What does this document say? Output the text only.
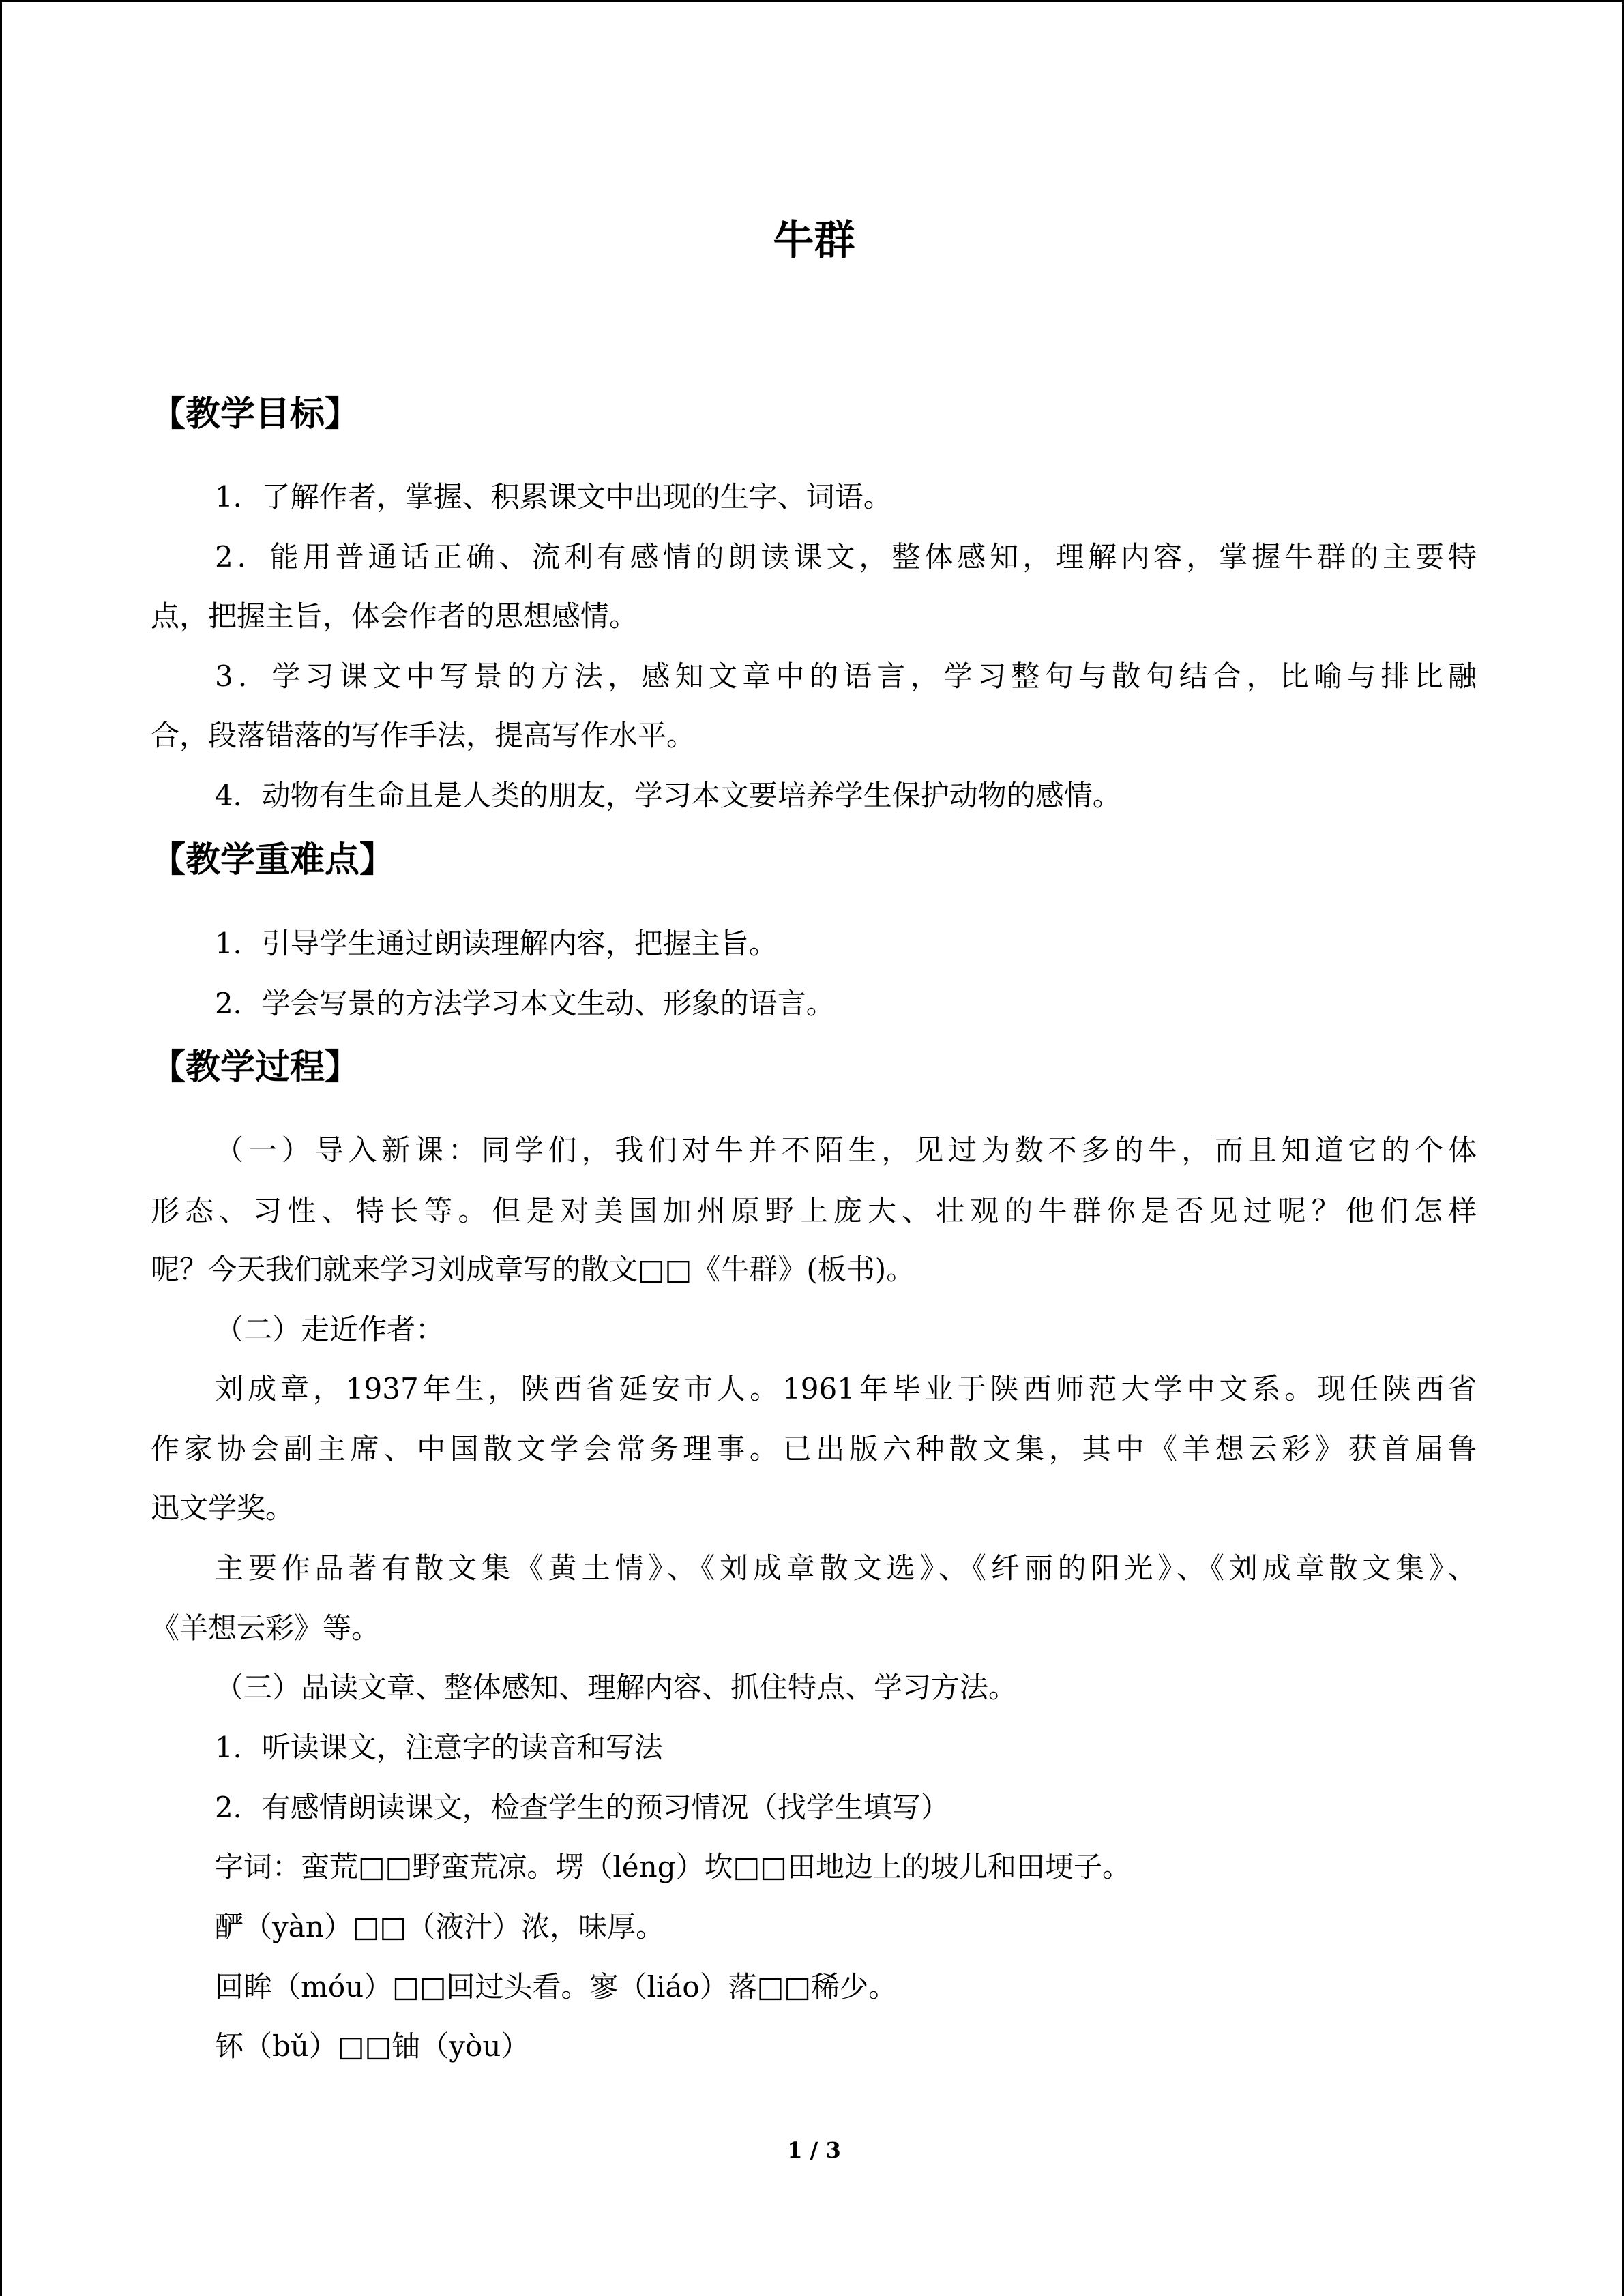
牛群
【教学目标】
1．了解作者，掌握、积累课文中出现的生字、词语。
2．能用普通话正确、流利有感情的朗读课文，整体感知，理解内容，掌握牛群的主要特
点，把握主旨，体会作者的思想感情。
3．学习课文中写景的方法，感知文章中的语言，学习整句与散句结合，比喻与排比融
合，段落错落的写作手法，提高写作水平。
4．动物有生命且是人类的朋友，学习本文要培养学生保护动物的感情。
【教学重难点】
1．引导学生通过朗读理解内容，把握主旨。
2．学会写景的方法学习本文生动、形象的语言。
【教学过程】
（一）导入新课：同学们，我们对牛并不陌生，见过为数不多的牛，而且知道它的个体
形态、习性、特长等。但是对美国加州原野上庞大、壮观的牛群你是否见过呢？他们怎样
呢？今天我们就来学习刘成章写的散文□□《牛群》(板书)。
（二）走近作者：
刘成章，1937年生，陕西省延安市人。1961年毕业于陕西师范大学中文系。现任陕西省
作家协会副主席、中国散文学会常务理事。已出版六种散文集，其中《羊想云彩》获首届鲁
迅文学奖。
主要作品著有散文集《黄土情》、《刘成章散文选》、《纤丽的阳光》、《刘成章散文集》、
《羊想云彩》等。
（三）品读文章、整体感知、理解内容、抓住特点、学习方法。
1．听读课文，注意字的读音和写法
2．有感情朗读课文，检查学生的预习情况（找学生填写）
字词：蛮荒□□野蛮荒凉。塄（léng）坎□□田地边上的坡儿和田埂子。
酽（yàn）□□（液汁）浓，味厚。
回眸（móu）□□回过头看。寥（liáo）落□□稀少。
钚（bǔ）□□铀（yòu）
1 / 3
